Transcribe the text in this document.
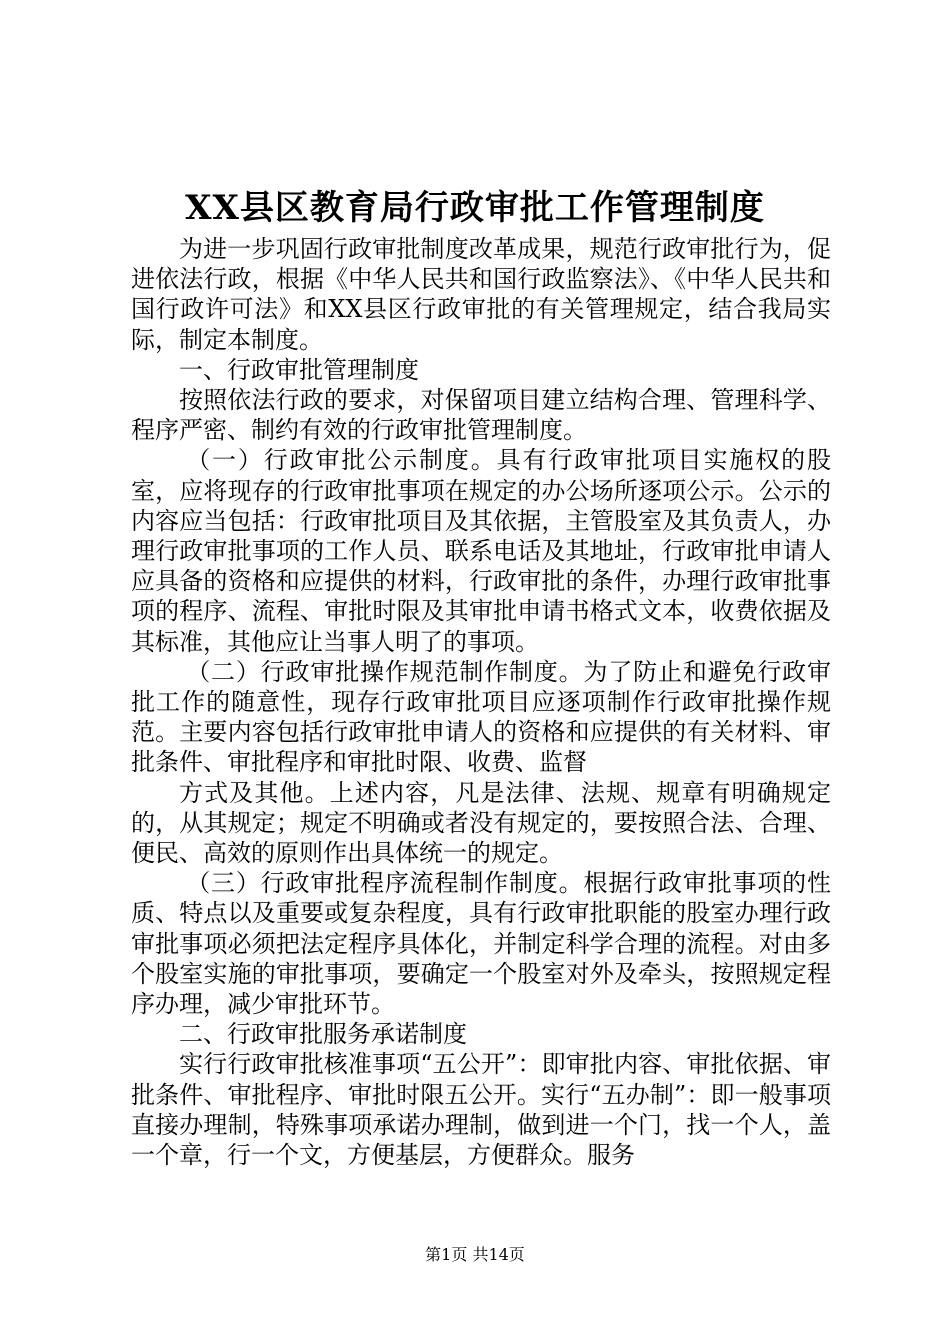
XX县区教育局行政审批工作管理制度

为进一步巩固行政审批制度改革成果，规范行政审批行为，促进依法行政，根据《中华人民共和国行政监察法》、《中华人民共和国行政许可法》和XX县区行政审批的有关管理规定，结合我局实际，制定本制度。

一、行政审批管理制度

按照依法行政的要求，对保留项目建立结构合理、管理科学、程序严密、制约有效的行政审批管理制度。

（一）行政审批公示制度。具有行政审批项目实施权的股室，应将现存的行政审批事项在规定的办公场所逐项公示。公示的内容应当包括：行政审批项目及其依据，主管股室及其负责人，办理行政审批事项的工作人员、联系电话及其地址，行政审批申请人应具备的资格和应提供的材料，行政审批的条件，办理行政审批事项的程序、流程、审批时限及其审批申请书格式文本，收费依据及其标准，其他应让当事人明了的事项。

（二）行政审批操作规范制作制度。为了防止和避免行政审批工作的随意性，现存行政审批项目应逐项制作行政审批操作规范。主要内容包括行政审批申请人的资格和应提供的有关材料、审批条件、审批程序和审批时限、收费、监督

方式及其他。上述内容，凡是法律、法规、规章有明确规定的，从其规定；规定不明确或者没有规定的，要按照合法、合理、便民、高效的原则作出具体统一的规定。

（三）行政审批程序流程制作制度。根据行政审批事项的性质、特点以及重要或复杂程度，具有行政审批职能的股室办理行政审批事项必须把法定程序具体化，并制定科学合理的流程。对由多个股室实施的审批事项，要确定一个股室对外及牵头，按照规定程序办理，减少审批环节。

二、行政审批服务承诺制度

实行行政审批核准事项“五公开”：即审批内容、审批依据、审批条件、审批程序、审批时限五公开。实行“五办制”：即一般事项直接办理制，特殊事项承诺办理制，做到进一个门，找一个人，盖一个章，行一个文，方便基层，方便群众。服务

第1页 共14页
